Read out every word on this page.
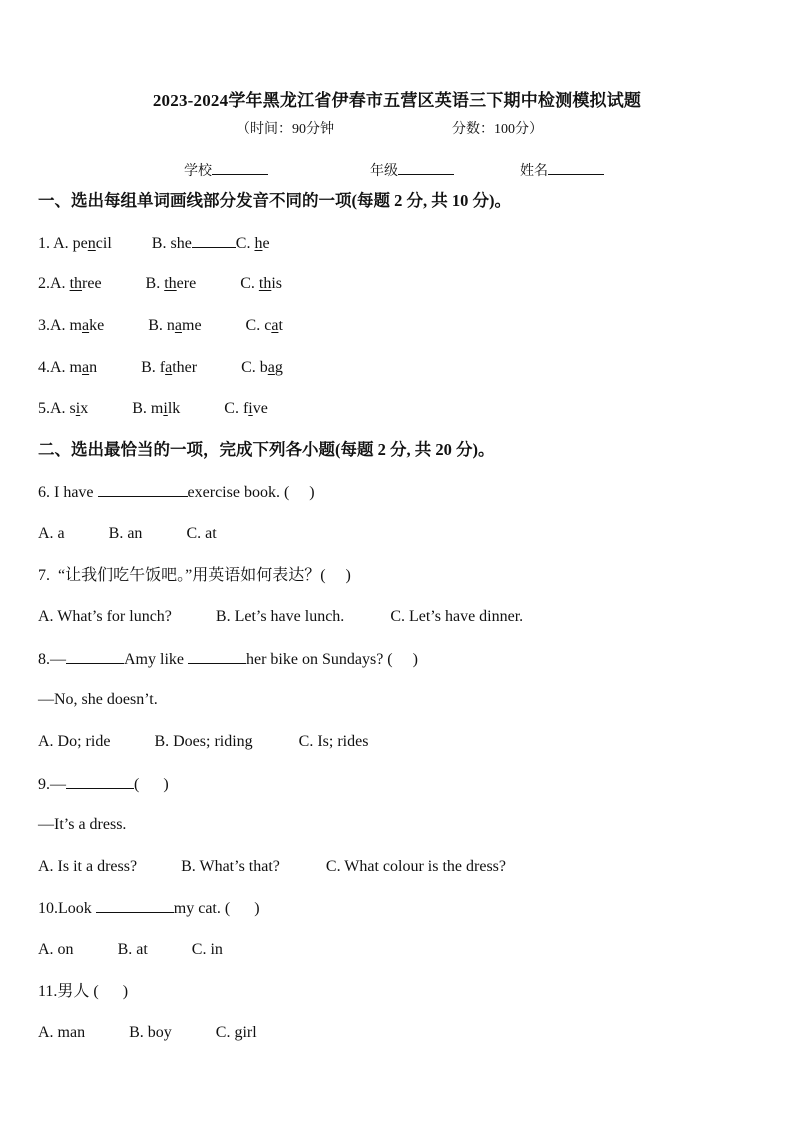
2023-2024学年黑龙江省伊春市五营区英语三下期中检测模拟试题
（时间：90分钟	分数：100分）
学校	年级	姓名
一、选出每组单词画线部分发音不同的一项(每题 2 分, 共 10 分)。
1. A. pencil	B. she	C. he
2.A. three	B. there	C. this
3.A. make	B. name	C. cat
4.A. man	B. father	C. bag
5.A. six	B. milk	C. five
二、选出最恰当的一项，完成下列各小题(每题 2 分, 共 20 分)。
6. I have	exercise book. (     )
A. a	B. an	C. at
7.  “让我们吃午饭吧。”用英语如何表达？(     )
A. What’s for lunch?	B. Let’s have lunch.	C. Let’s have dinner.
8.—	Amy like	her bike on Sundays? (     )
—No, she doesn’t.
A. Do; ride	B. Does; riding	C. Is; rides
9.—	(      )
—It’s a dress.
A. Is it a dress?	B. What’s that?	C. What colour is the dress?
10.Look	my cat. (      )
A. on	B. at	C. in
11.男人 (      )
A. man	B. boy	C. girl
